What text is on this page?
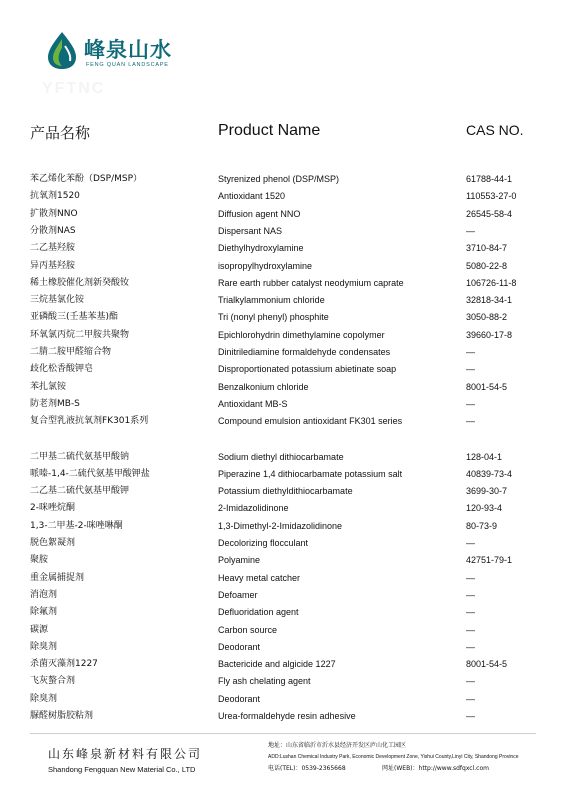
峰泉山水
FENG QUAN LANDSCAPE
YFTNC
产品名称	Product Name	CAS NO.
苯乙烯化苯酚（DSP/MSP）	Styrenized phenol (DSP/MSP)	61788-44-1
抗氧剂1520	Antioxidant 1520	110553-27-0
扩散剂NNO	Diffusion agent NNO	26545-58-4
分散剂NAS	Dispersant NAS	—
二乙基羟胺	Diethylhydroxylamine	3710-84-7
异丙基羟胺	isopropylhydroxylamine	5080-22-8
稀土橡胶催化剂新癸酸钕	Rare earth rubber catalyst neodymium caprate	106726-11-8
三烷基氯化铵	Trialkylammonium chloride	32818-34-1
亚磷酸三(壬基苯基)酯	Tri (nonyl phenyl) phosphite	3050-88-2
环氧氯丙烷二甲胺共聚物	Epichlorohydrin dimethylamine copolymer	39660-17-8
二腈二胺甲醛缩合物	Dinitrilediamine formaldehyde condensates	—
歧化松香酸钾皂	Disproportionated potassium abietinate soap	—
苯扎氯铵	Benzalkonium chloride	8001-54-5
防老剂MB-S	Antioxidant MB-S	—
复合型乳液抗氧剂FK301系列	Compound emulsion antioxidant FK301 series	—
二甲基二硫代氨基甲酸钠	Sodium diethyl dithiocarbamate	128-04-1
哌嗪-1,4-二硫代氨基甲酸钾盐	Piperazine 1,4 dithiocarbamate potassium salt	40839-73-4
二乙基二硫代氨基甲酸钾	Potassium diethyldithiocarbamate	3699-30-7
2-咪唑烷酮	2-Imidazolidinone	120-93-4
1,3-二甲基-2-咪唑啉酮	1,3-Dimethyl-2-Imidazolidinone	80-73-9
脱色絮凝剂	Decolorizing flocculant	—
聚胺	Polyamine	42751-79-1
重金属捕捉剂	Heavy metal catcher	—
消泡剂	Defoamer	—
除氟剂	Defluoridation agent	—
碳源	Carbon source	—
除臭剂	Deodorant	—
杀菌灭藻剂1227	Bactericide and algicide 1227	8001-54-5
飞灰螯合剂	Fly ash chelating agent	—
除臭剂	Deodorant	—
脲醛树脂胶粘剂	Urea-formaldehyde resin adhesive	—
山东峰泉新材料有限公司
Shandong Fengquan New Material Co., LTD
地址：山东省临沂市沂水县经济开发区庐山化工园区
ADD:Lushan Chemical Industry Park, Economic Development Zone, Yishui County,Linyi City, Shandong Province
电话(TEL)：0539-2365668	网址(WEB)：http://www.sdfqxcl.com
